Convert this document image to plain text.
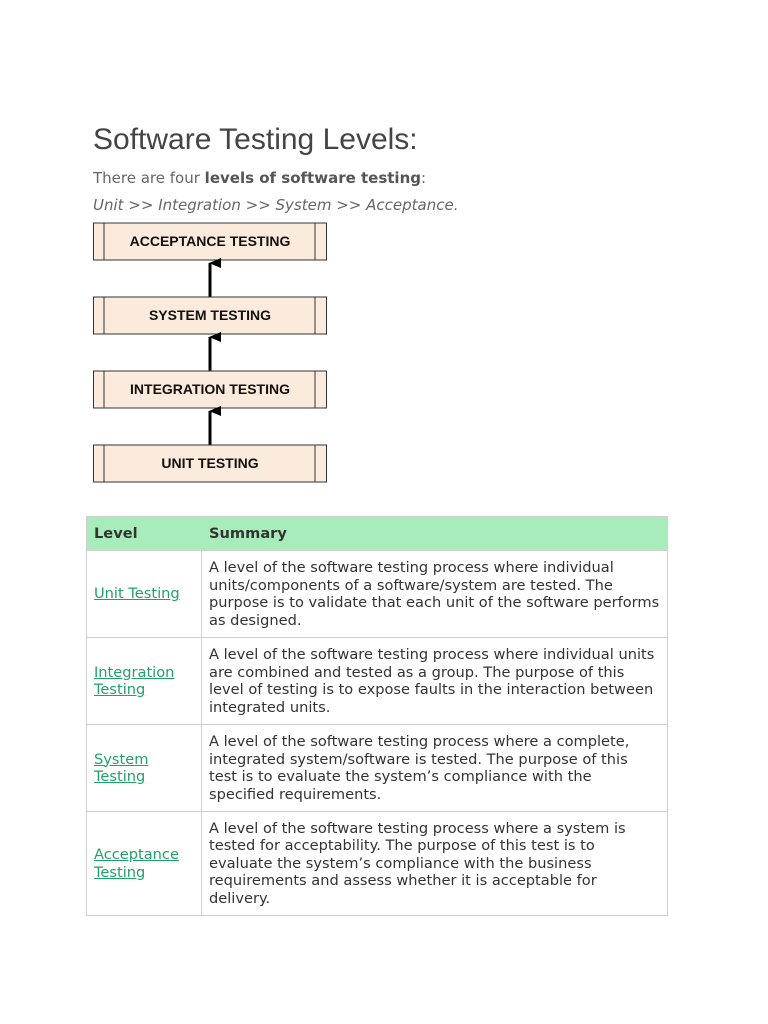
Software Testing Levels:

There are four levels of software testing:

Unit >> Integration >> System >> Acceptance.

ACCEPTANCE TESTING
SYSTEM TESTING
INTEGRATION TESTING
UNIT TESTING
Level	Summary
Unit Testing	A level of the software testing process where individual units/components of a software/system are tested. The purpose is to validate that each unit of the software performs as designed.
Integration Testing	A level of the software testing process where individual units are combined and tested as a group. The purpose of this level of testing is to expose faults in the interaction between integrated units.
System Testing	A level of the software testing process where a complete, integrated system/software is tested. The purpose of this test is to evaluate the system’s compliance with the specified requirements.
Acceptance Testing	A level of the software testing process where a system is tested for acceptability. The purpose of this test is to evaluate the system’s compliance with the business requirements and assess whether it is acceptable for delivery.
